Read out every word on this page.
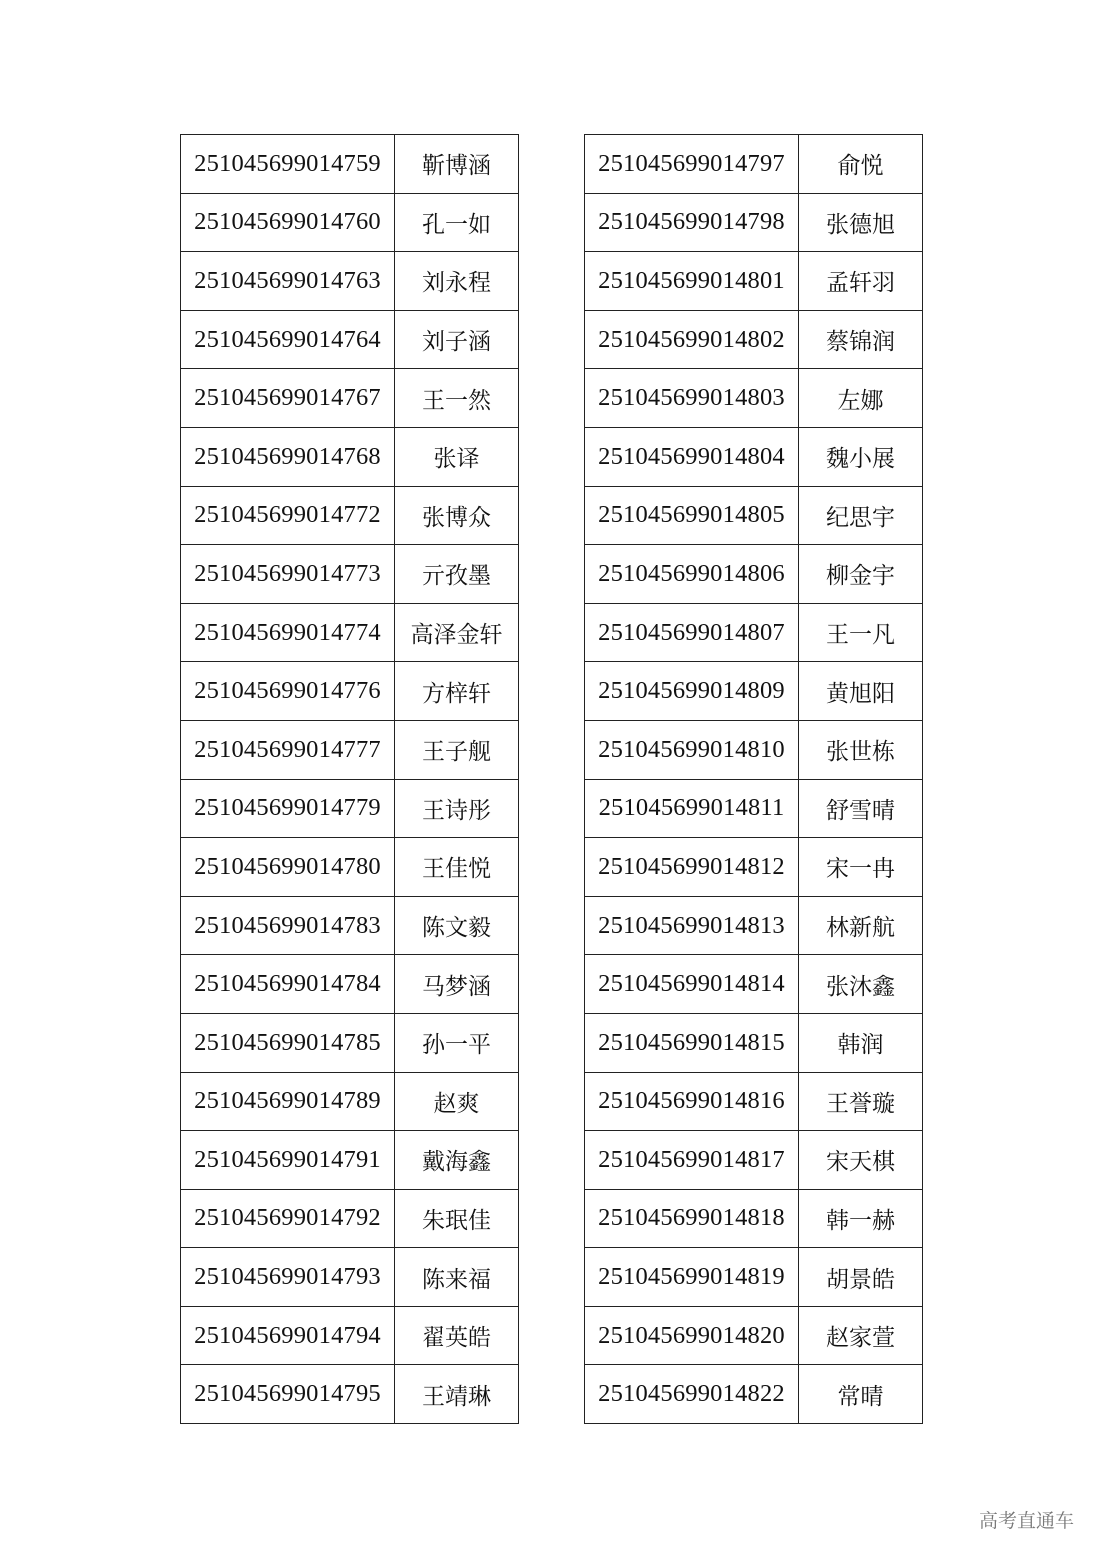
251045699014759	靳博涵
251045699014760	孔一如
251045699014763	刘永程
251045699014764	刘子涵
251045699014767	王一然
251045699014768	张译
251045699014772	张博众
251045699014773	亓孜墨
251045699014774	高泽金轩
251045699014776	方梓轩
251045699014777	王子舰
251045699014779	王诗彤
251045699014780	王佳悦
251045699014783	陈文毅
251045699014784	马梦涵
251045699014785	孙一平
251045699014789	赵爽
251045699014791	戴海鑫
251045699014792	朱珉佳
251045699014793	陈来福
251045699014794	翟英皓
251045699014795	王靖琳
251045699014797	俞悦
251045699014798	张德旭
251045699014801	孟轩羽
251045699014802	蔡锦润
251045699014803	左娜
251045699014804	魏小展
251045699014805	纪思宇
251045699014806	柳金宇
251045699014807	王一凡
251045699014809	黄旭阳
251045699014810	张世栋
251045699014811	舒雪晴
251045699014812	宋一冉
251045699014813	林新航
251045699014814	张沐鑫
251045699014815	韩润
251045699014816	王誉璇
251045699014817	宋天棋
251045699014818	韩一赫
251045699014819	胡景皓
251045699014820	赵家萱
251045699014822	常晴
高考直通车
